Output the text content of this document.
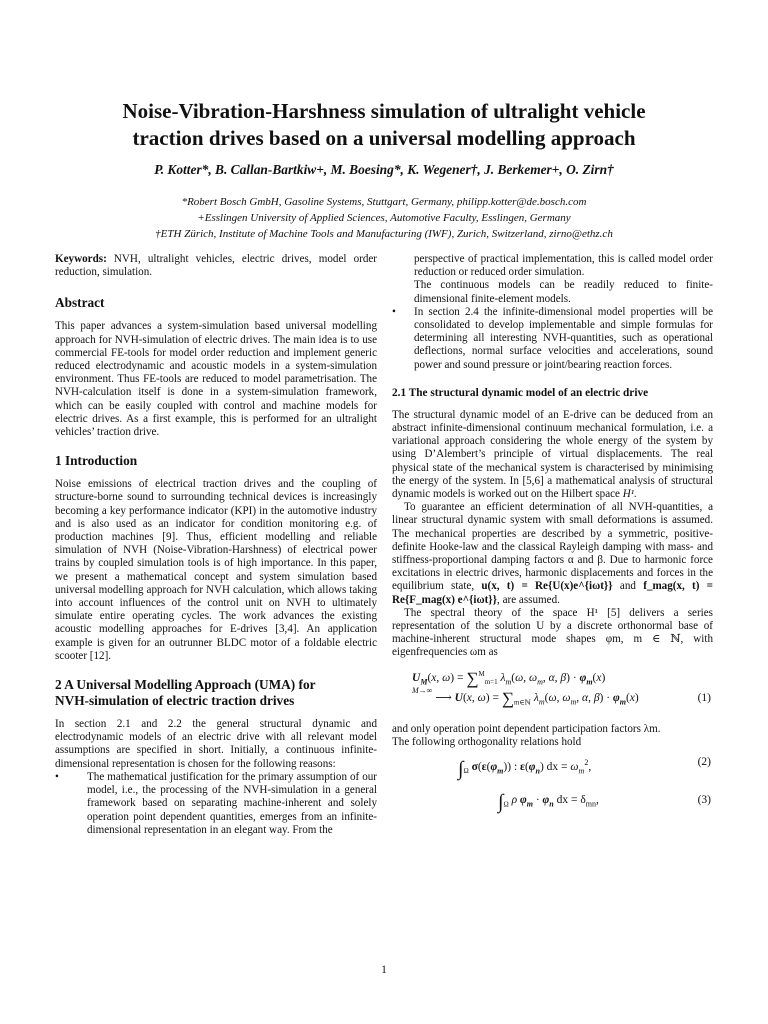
Noise-Vibration-Harshness simulation of ultralight vehicle
traction drives based on a universal modelling approach
P. Kotter*, B. Callan-Bartkiw+, M. Boesing*, K. Wegener†, J. Berkemer+, O. Zirn†
*Robert Bosch GmbH, Gasoline Systems, Stuttgart, Germany, philipp.kotter@de.bosch.com
+Esslingen University of Applied Sciences, Automotive Faculty, Esslingen, Germany
†ETH Zürich, Institute of Machine Tools and Manufacturing (IWF), Zurich, Switzerland, zirno@ethz.ch

Keywords: NVH, ultralight vehicles, electric drives, model order reduction, simulation.

Abstract

This paper advances a system-simulation based universal modelling approach for NVH-simulation of electric drives. The main idea is to use commercial FE-tools for model order reduction and implement generic reduced electrodynamic and acoustic models in a system-simulation environment. Thus FE-tools are reduced to model parametrisation. The NVH-calculation itself is done in a system-simulation framework, which can be easily coupled with control and machine models for electric drives. As a first example, this is performed for an ultralight vehicles’ traction drive.

1 Introduction

Noise emissions of electrical traction drives and the coupling of structure-borne sound to surrounding technical devices is increasingly becoming a key performance indicator (KPI) in the automotive industry and is also used as an indicator for condition monitoring e.g. of production machines [9]. Thus, efficient modelling and reliable simulation of NVH (Noise-Vibration-Harshness) of electrical power trains by coupled simulation tools is of high importance. In this paper, we present a mathematical concept and system simulation based universal modelling approach for NVH calculation, which allows taking into account influences of the control unit on NVH to ultimately simulate entire operating cycles. The work advances the existing acoustic modelling approaches for E-drives [3,4]. An application example is given for an outrunner BLDC motor of a foldable electric scooter [12].

2 A Universal Modelling Approach (UMA) for
NVH-simulation of electric traction drives

In section 2.1 and 2.2 the general structural dynamic and electrodynamic models of an electric drive with all relevant model assumptions are specified in short. Initially, a continuous infinite-dimensional representation is chosen for the following reasons:

•	The mathematical justification for the primary assumption of our model, i.e., the processing of the NVH-simulation in a general framework based on separating machine-inherent and solely operation point dependent quantities, emerges from an infinite-dimensional representation in an elegant way. From the

perspective of practical implementation, this is called model order reduction or reduced order simulation.

The continuous models can be readily reduced to finite-dimensional finite-element models.

• In section 2.4 the infinite-dimensional model properties will be consolidated to develop implementable and simple formulas for determining all interesting NVH-quantities, such as operational deflections, normal surface velocities and accelerations, sound power and sound pressure or joint/bearing reaction forces.

2.1 The structural dynamic model of an electric drive

The structural dynamic model of an E-drive can be deduced from an abstract infinite-dimensional continuum mechanical formulation, i.e. a variational approach considering the whole energy of the system by using D’Alembert’s principle of virtual displacements. The real physical state of the mechanical system is characterised by minimising the energy of the system. In [5,6] a mathematical analysis of structural dynamic models is worked out on the Hilbert space H¹.

To guarantee an efficient determination of all NVH-quantities, a linear structural dynamic system with small deformations is assumed. The mechanical properties are described by a symmetric, positive-definite Hooke-law and the classical Rayleigh damping with mass- and stiffness-proportional damping factors α and β. Due to harmonic force excitations in electric drives, harmonic displacements and forces in the equilibrium state, u(x, t) = Re{U(x)e^{iωt}} and f_mag(x, t) = Re{F_mag(x) e^{iωt}}, are assumed.

The spectral theory of the space H¹ [5] delivers a series representation of the solution U by a discrete orthonormal base of machine-inherent structural mode shapes φm, m ∈ ℕ, with eigenfrequencies ωm as

$U_M(x$, ω) = ∑$^M_{m=1}$ $\lambda_m(\omega$, $\omega_m$, α, $\beta) \cdot \varphi_m(x)$
$^{M\to\infty}$ ⟶ U(x, $\omega) = \sum_{m\in ℕ}$ $\lambda_m(\omega$, $\omega_m$, α, $\beta) \cdot \varphi_m(x)$	(1)

and only operation point dependent participation factors λm.

The following orthogonality relations hold

$\int_\Omega$ $\sigma(\varepsilon(\varphi_m))$ : $\varepsilon(\varphi_n)$ dx = $\omega_m^2$,	(2)
$\int_\Omega$ ρ $\varphi_m \cdot \varphi_n$ dx = $\delta_{mn}$,	(3)
1
